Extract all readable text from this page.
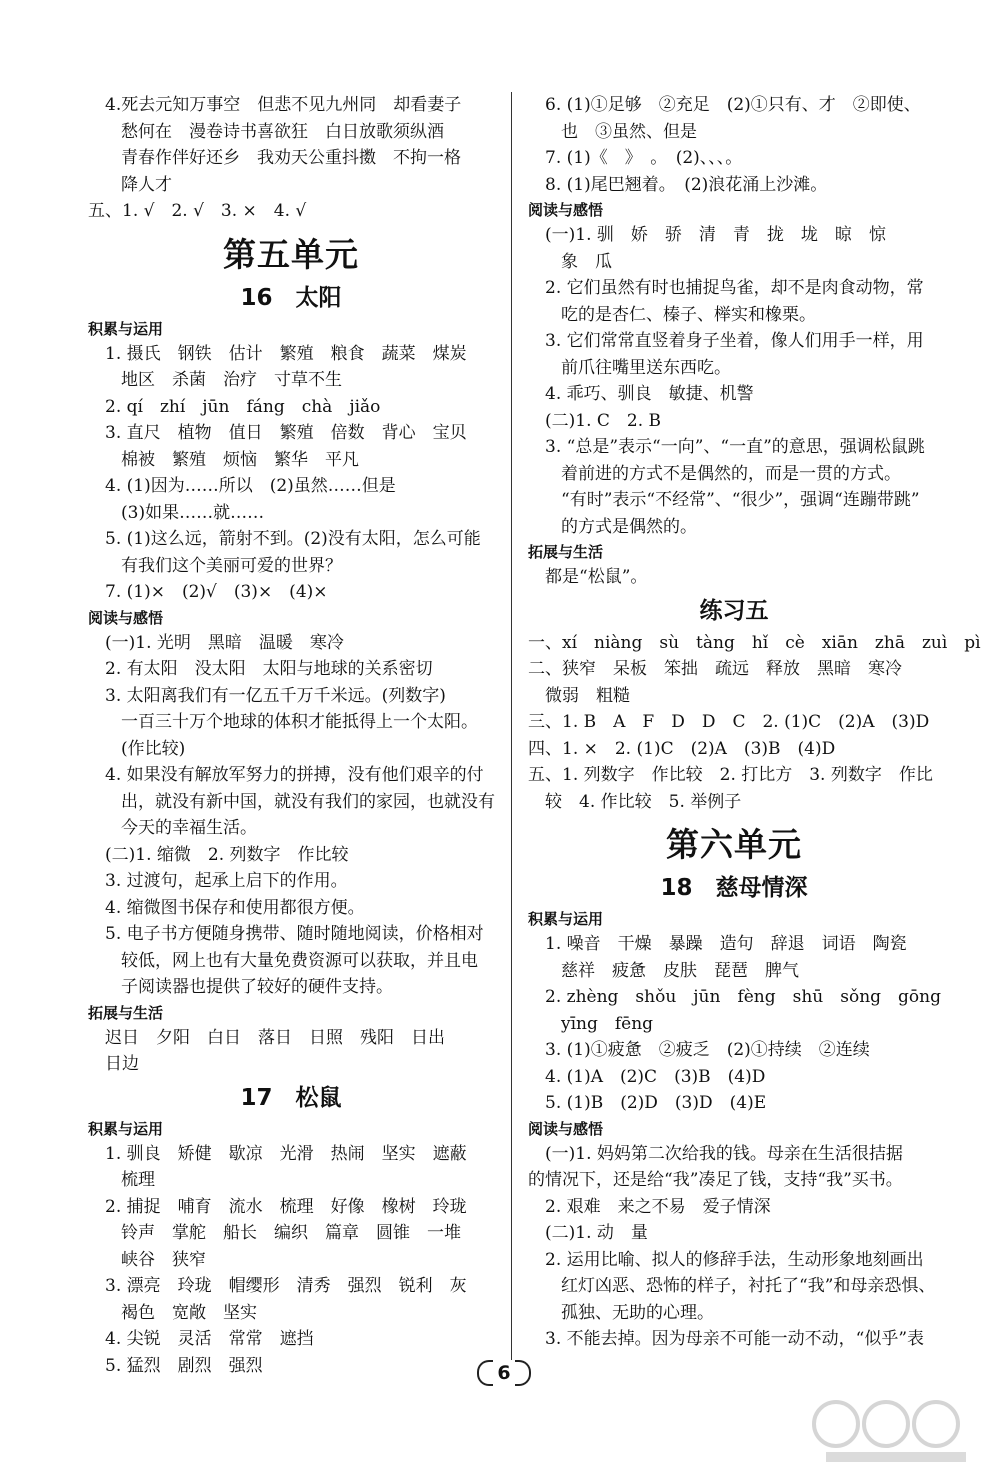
4.死去元知万事空　但悲不见九州同　却看妻子
愁何在　漫卷诗书喜欲狂　白日放歌须纵酒
青春作伴好还乡　我劝天公重抖擞　不拘一格
降人才
五、1. √　2. √　3. ×　4. √
第五单元
16　太阳
积累与运用
1. 摄氏　钢铁　估计　繁殖　粮食　蔬菜　煤炭
地区　杀菌　治疗　寸草不生
2. qí　zhí　jūn　fáng　chà　jiǎo
3. 直尺　植物　值日　繁殖　倍数　背心　宝贝
棉被　繁殖　烦恼　繁华　平凡
4. (1)因为……所以　(2)虽然……但是
(3)如果……就……
5. (1)这么远，箭射不到。(2)没有太阳，怎么可能
有我们这个美丽可爱的世界？
7. (1)×　(2)√　(3)×　(4)×
阅读与感悟
(一)1. 光明　黑暗　温暖　寒冷
2. 有太阳　没太阳　太阳与地球的关系密切
3. 太阳离我们有一亿五千万千米远。(列数字)
一百三十万个地球的体积才能抵得上一个太阳。
(作比较)
4. 如果没有解放军努力的拼搏，没有他们艰辛的付
出，就没有新中国，就没有我们的家园，也就没有
今天的幸福生活。
(二)1. 缩微　2. 列数字　作比较
3. 过渡句，起承上启下的作用。
4. 缩微图书保存和使用都很方便。
5. 电子书方便随身携带、随时随地阅读，价格相对
较低，网上也有大量免费资源可以获取，并且电
子阅读器也提供了较好的硬件支持。
拓展与生活
迟日　夕阳　白日　落日　日照　残阳　日出
日边
17　松鼠
积累与运用
1. 驯良　矫健　歇凉　光滑　热闹　坚实　遮蔽
梳理
2. 捕捉　哺育　流水　梳理　好像　橡树　玲珑
铃声　掌舵　船长　编织　篇章　圆锥　一堆
峡谷　狭窄
3. 漂亮　玲珑　帽缨形　清秀　强烈　锐利　灰
褐色　宽敞　坚实
4. 尖锐　灵活　常常　遮挡
5. 猛烈　剧烈　强烈
6. (1)①足够　②充足　(2)①只有、才　②即使、
也　③虽然、但是
7. (1)《　》　。　(2)、、、。
8. (1)尾巴翘着。　(2)浪花涌上沙滩。
阅读与感悟
(一)1. 驯　娇　骄　清　青　拢　垅　晾　惊
象　瓜
2. 它们虽然有时也捕捉鸟雀，却不是肉食动物，常
吃的是杏仁、榛子、榉实和橡栗。
3. 它们常常直竖着身子坐着，像人们用手一样，用
前爪往嘴里送东西吃。
4. 乖巧、驯良　敏捷、机警
(二)1. C　2. B
3. “总是”表示“一向”、“一直”的意思，强调松鼠跳
着前进的方式不是偶然的，而是一贯的方式。
“有时”表示“不经常”、“很少”，强调“连蹦带跳”
的方式是偶然的。
拓展与生活
都是“松鼠”。
练习五
一、xí　niàng　sù　tàng　hǐ　cè　xiān　zhā　zuì　pì
二、狭窄　呆板　笨拙　疏远　释放　黑暗　寒冷
微弱　粗糙
三、1. B　A　F　D　D　C　2. (1)C　(2)A　(3)D
四、1. ×　2. (1)C　(2)A　(3)B　(4)D
五、1. 列数字　作比较　2. 打比方　3. 列数字　作比
较　4. 作比较　5. 举例子
第六单元
18　慈母情深
积累与运用
1. 噪音　干燥　暴躁　造句　辞退　词语　陶瓷
慈祥　疲惫　皮肤　琵琶　脾气
2. zhèng　shǒu　jūn　fèng　shū　sǒng　gōng
yīng　fēng
3. (1)①疲惫　②疲乏　(2)①持续　②连续
4. (1)A　(2)C　(3)B　(4)D
5. (1)B　(2)D　(3)D　(4)E
阅读与感悟
(一)1. 妈妈第二次给我的钱。母亲在生活很拮据
的情况下，还是给“我”凑足了钱，支持“我”买书。
2. 艰难　来之不易　爱子情深
(二)1. 动　量
2. 运用比喻、拟人的修辞手法，生动形象地刻画出
红灯凶恶、恐怖的样子，衬托了“我”和母亲恐惧、
孤独、无助的心理。
3. 不能去掉。因为母亲不可能一动不动，“似乎”表
6
